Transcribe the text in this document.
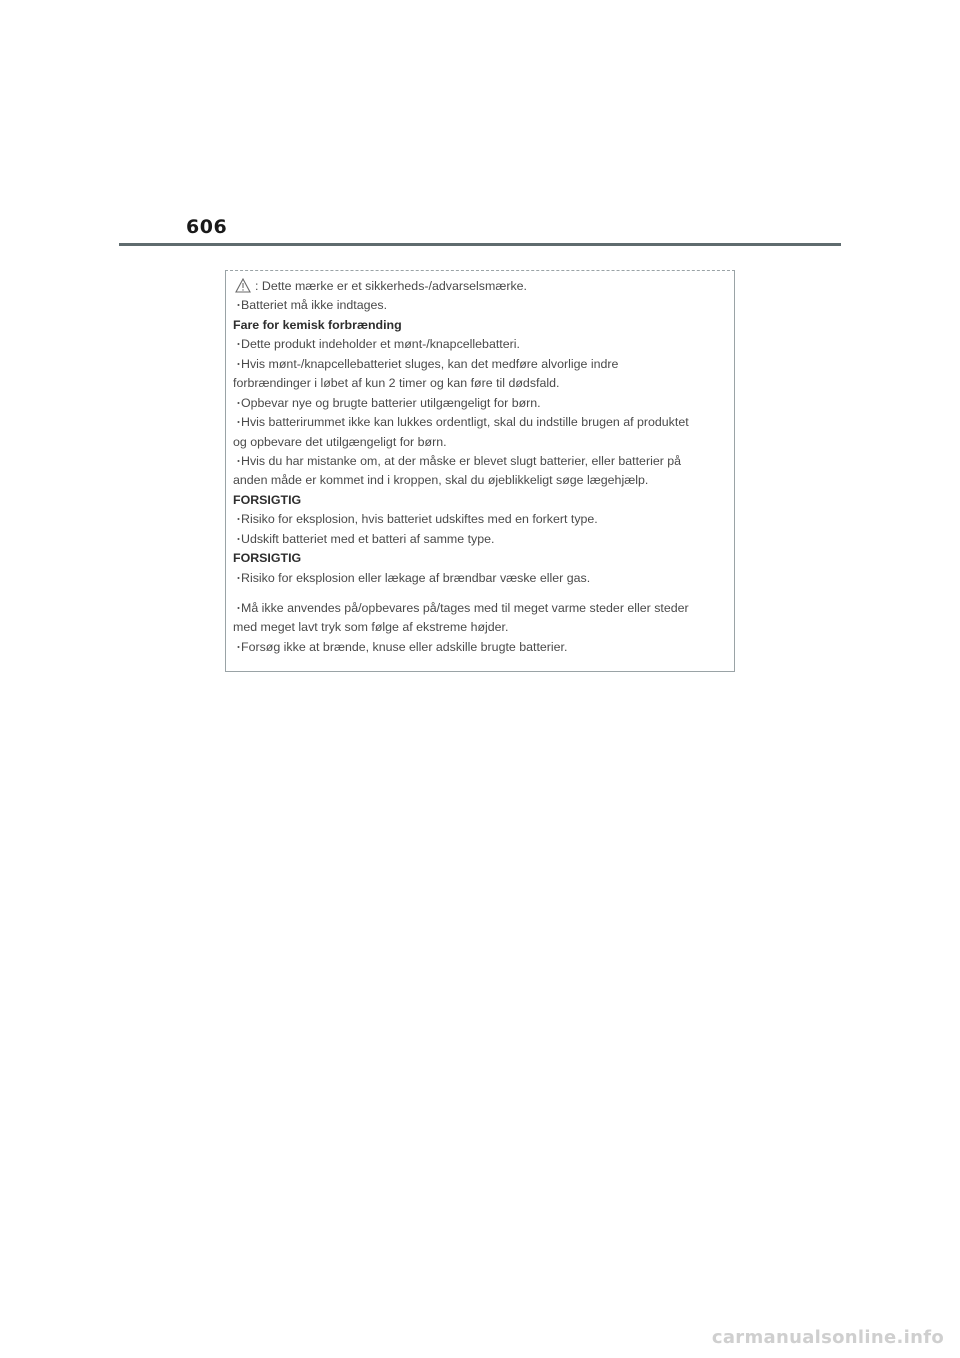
606
: Dette mærke er et sikkerheds-/advarselsmærke.
・Batteriet må ikke indtages.
Fare for kemisk forbrænding
・Dette produkt indeholder et mønt-/knapcellebatteri.
・Hvis mønt-/knapcellebatteriet sluges, kan det medføre alvorlige indre
forbrændinger i løbet af kun 2 timer og kan føre til dødsfald.
・Opbevar nye og brugte batterier utilgængeligt for børn.
・Hvis batterirummet ikke kan lukkes ordentligt, skal du indstille brugen af produktet
og opbevare det utilgængeligt for børn.
・Hvis du har mistanke om, at der måske er blevet slugt batterier, eller batterier på
anden måde er kommet ind i kroppen, skal du øjeblikkeligt søge lægehjælp.
FORSIGTIG
・Risiko for eksplosion, hvis batteriet udskiftes med en forkert type.
・Udskift batteriet med et batteri af samme type.
FORSIGTIG
・Risiko for eksplosion eller lækage af brændbar væske eller gas.
・Må ikke anvendes på/opbevares på/tages med til meget varme steder eller steder
med meget lavt tryk som følge af ekstreme højder.
・Forsøg ikke at brænde, knuse eller adskille brugte batterier.
carmanualsonline.info
